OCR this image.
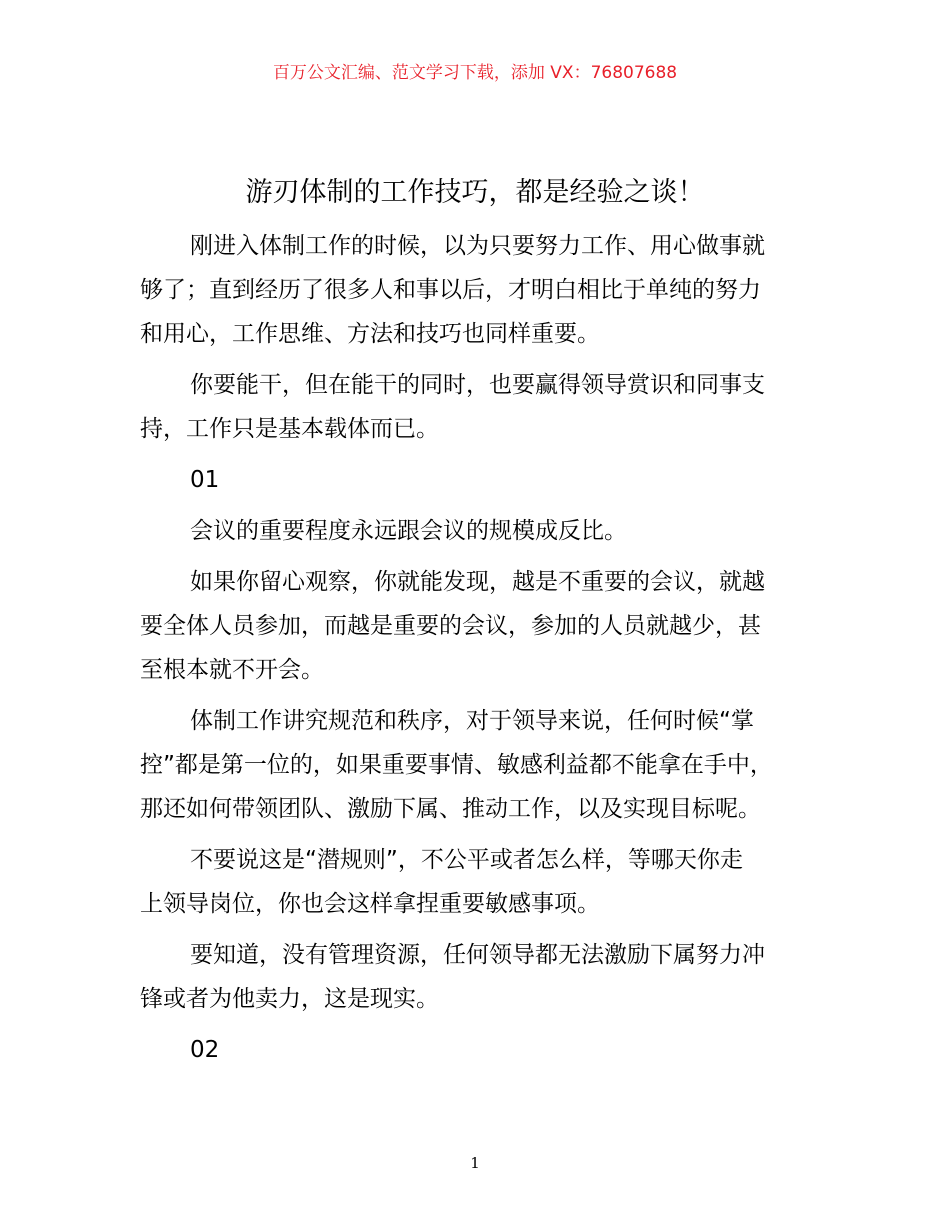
百万公文汇编、范文学习下载，添加 VX：76807688
游刃体制的工作技巧，都是经验之谈！
刚进入体制工作的时候，以为只要努力工作、用心做事就
够了；直到经历了很多人和事以后，才明白相比于单纯的努力
和用心，工作思维、方法和技巧也同样重要。
你要能干，但在能干的同时，也要赢得领导赏识和同事支
持，工作只是基本载体而已。
01
会议的重要程度永远跟会议的规模成反比。
如果你留心观察，你就能发现，越是不重要的会议，就越
要全体人员参加，而越是重要的会议，参加的人员就越少，甚
至根本就不开会。
体制工作讲究规范和秩序，对于领导来说，任何时候“掌
控”都是第一位的，如果重要事情、敏感利益都不能拿在手中，
那还如何带领团队、激励下属、推动工作，以及实现目标呢。
不要说这是“潜规则”，不公平或者怎么样，等哪天你走
上领导岗位，你也会这样拿捏重要敏感事项。
要知道，没有管理资源，任何领导都无法激励下属努力冲
锋或者为他卖力，这是现实。
02
1
